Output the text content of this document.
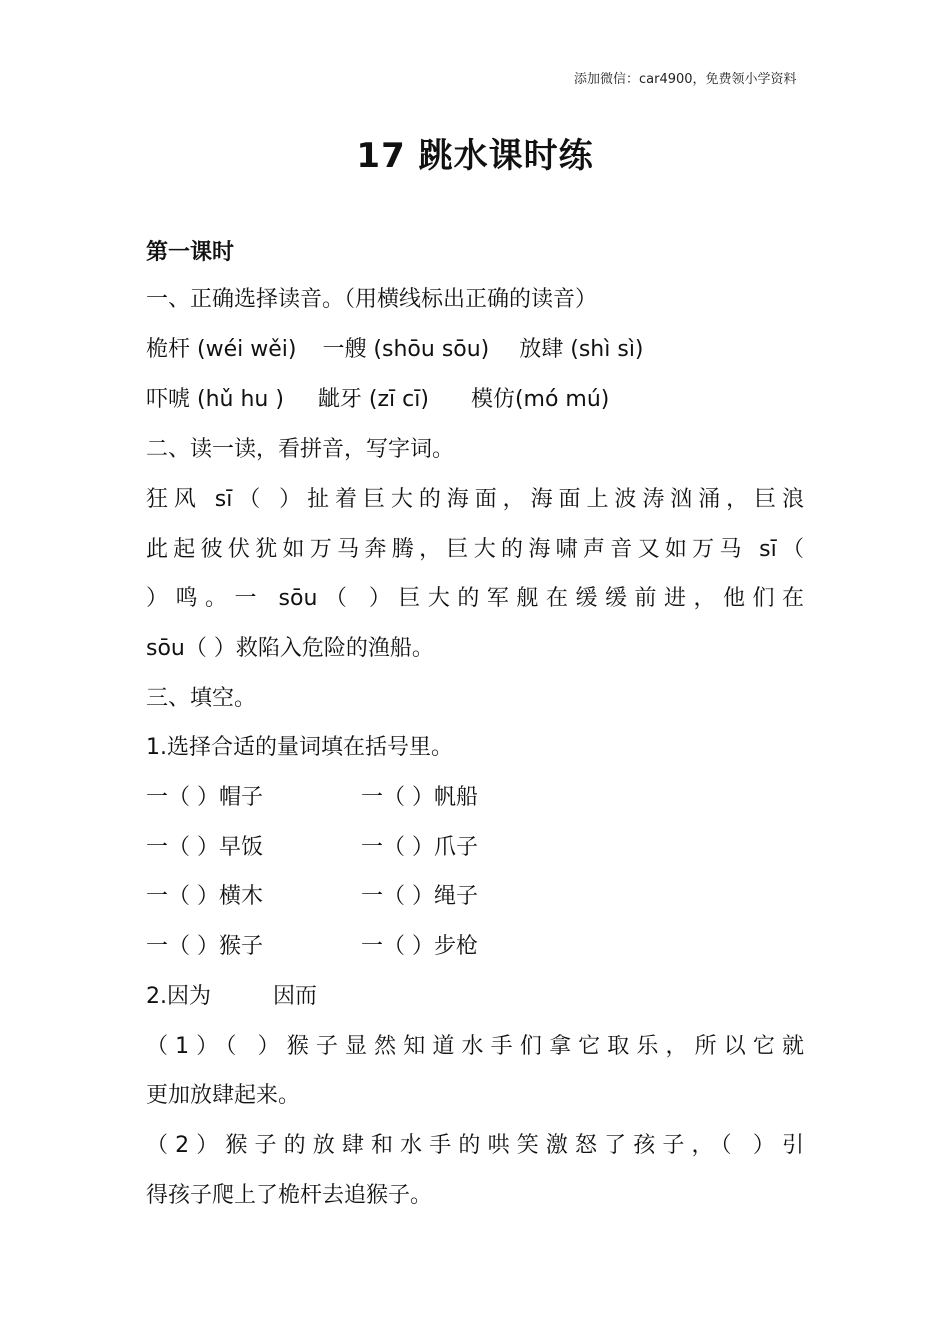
添加微信：car4900，免费领小学资料
17 跳水课时练
第一课时
一、正确选择读音。（用横线标出正确的读音）
桅杆 (wéi wěi) 一艘 (shōu sōu) 放肆 (shì sì)
吓唬 (hǔ hu ) 龇牙 (zī cī) 模仿(mó mú)
二、读一读，看拼音，写字词。
狂风 sī（ ）扯着巨大的海面，海面上波涛汹涌，巨浪
此起彼伏犹如万马奔腾，巨大的海啸声音又如万马 sī（
）鸣。一 sōu（ ）巨大的军舰在缓缓前进，他们在
sōu（ ）救陷入危险的渔船。
三、填空。
1.选择合适的量词填在括号里。
一（ ）帽子	一（ ）帆船
一（ ）早饭	一（ ）爪子
一（ ）横木	一（ ）绳子
一（ ）猴子	一（ ）步枪
2.因为	因而
（1）（ ）猴子显然知道水手们拿它取乐，所以它就
更加放肆起来。
（2）猴子的放肆和水手的哄笑激怒了孩子，（ ）引
得孩子爬上了桅杆去追猴子。
